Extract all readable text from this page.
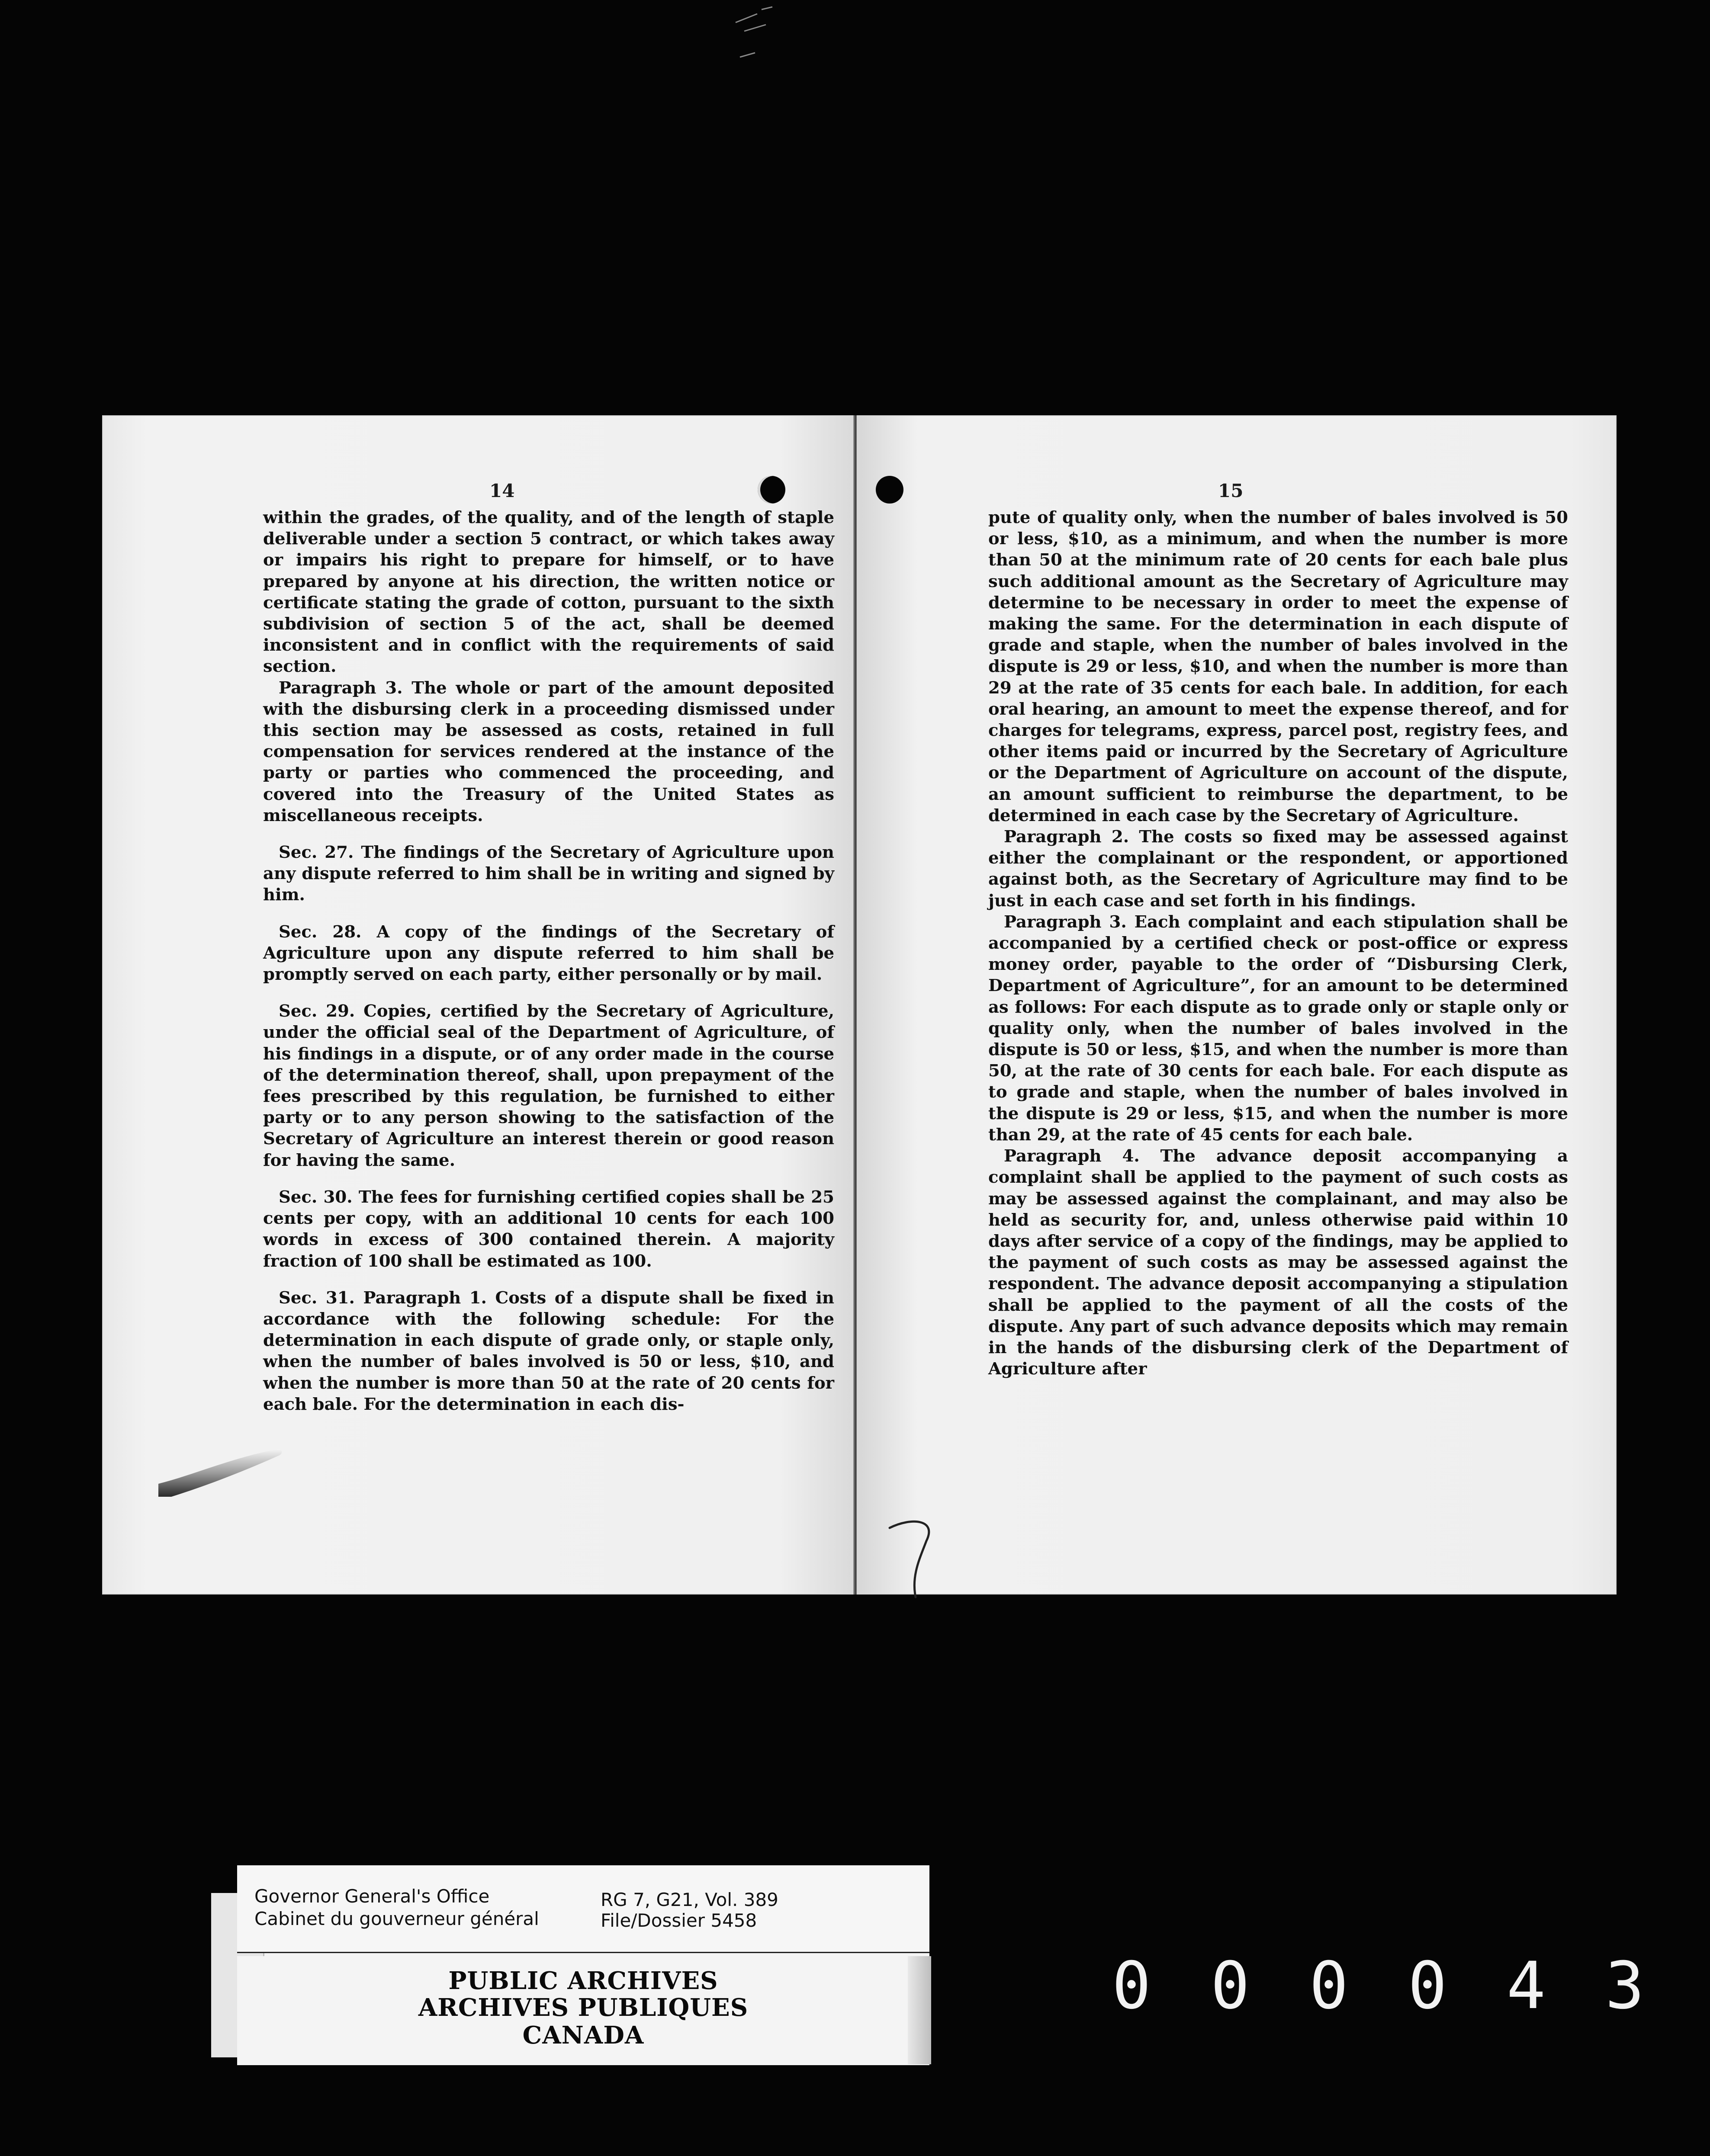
14

within the grades, of the quality, and of the length of staple deliverable under a section 5 contract, or which takes away or impairs his right to prepare for himself, or to have prepared by anyone at his direction, the written notice or certificate stating the grade of cotton, pursuant to the sixth subdivision of section 5 of the act, shall be deemed inconsistent and in conflict with the requirements of said section.

Paragraph 3. The whole or part of the amount deposited with the disbursing clerk in a proceeding dismissed under this section may be assessed as costs, retained in full compensation for services rendered at the instance of the party or parties who commenced the proceeding, and covered into the Treasury of the United States as miscellaneous receipts.

Sec. 27. The findings of the Secretary of Agriculture upon any dispute referred to him shall be in writing and signed by him.

Sec. 28. A copy of the findings of the Secretary of Agriculture upon any dispute referred to him shall be promptly served on each party, either personally or by mail.

Sec. 29. Copies, certified by the Secretary of Agriculture, under the official seal of the Department of Agriculture, of his findings in a dispute, or of any order made in the course of the determination thereof, shall, upon prepayment of the fees prescribed by this regulation, be furnished to either party or to any person showing to the satisfaction of the Secretary of Agriculture an interest therein or good reason for having the same.

Sec. 30. The fees for furnishing certified copies shall be 25 cents per copy, with an additional 10 cents for each 100 words in excess of 300 contained therein. A majority fraction of 100 shall be estimated as 100.

Sec. 31. Paragraph 1. Costs of a dispute shall be fixed in accordance with the following schedule: For the determination in each dispute of grade only, or staple only, when the number of bales involved is 50 or less, $10, and when the number is more than 50 at the rate of 20 cents for each bale. For the determination in each dis-

15

pute of quality only, when the number of bales involved is 50 or less, $10, as a minimum, and when the number is more than 50 at the minimum rate of 20 cents for each bale plus such additional amount as the Secretary of Agriculture may determine to be necessary in order to meet the expense of making the same. For the determination in each dispute of grade and staple, when the number of bales involved in the dispute is 29 or less, $10, and when the number is more than 29 at the rate of 35 cents for each bale. In addition, for each oral hearing, an amount to meet the expense thereof, and for charges for telegrams, express, parcel post, registry fees, and other items paid or incurred by the Secretary of Agriculture or the Department of Agriculture on account of the dispute, an amount sufficient to reimburse the department, to be determined in each case by the Secretary of Agriculture.

Paragraph 2. The costs so fixed may be assessed against either the complainant or the respondent, or apportioned against both, as the Secretary of Agriculture may find to be just in each case and set forth in his findings.

Paragraph 3. Each complaint and each stipulation shall be accompanied by a certified check or post-office or express money order, payable to the order of “Disbursing Clerk, Department of Agriculture”, for an amount to be determined as follows: For each dispute as to grade only or staple only or quality only, when the number of bales involved in the dispute is 50 or less, $15, and when the number is more than 50, at the rate of 30 cents for each bale. For each dispute as to grade and staple, when the number of bales involved in the dispute is 29 or less, $15, and when the number is more than 29, at the rate of 45 cents for each bale.

Paragraph 4. The advance deposit accompanying a complaint shall be applied to the payment of such costs as may be assessed against the complainant, and may also be held as security for, and, unless otherwise paid within 10 days after service of a copy of the findings, may be applied to the payment of such costs as may be assessed against the respondent. The advance deposit accompanying a stipulation shall be applied to the payment of all the costs of the dispute. Any part of such advance deposits which may remain in the hands of the disbursing clerk of the Department of Agriculture after

Governor General's Office
Cabinet du gouverneur général
RG 7, G21, Vol. 389
File/Dossier 5458
PUBLIC ARCHIVES
ARCHIVES PUBLIQUES
CANADA
0 0 0 0 4 3
